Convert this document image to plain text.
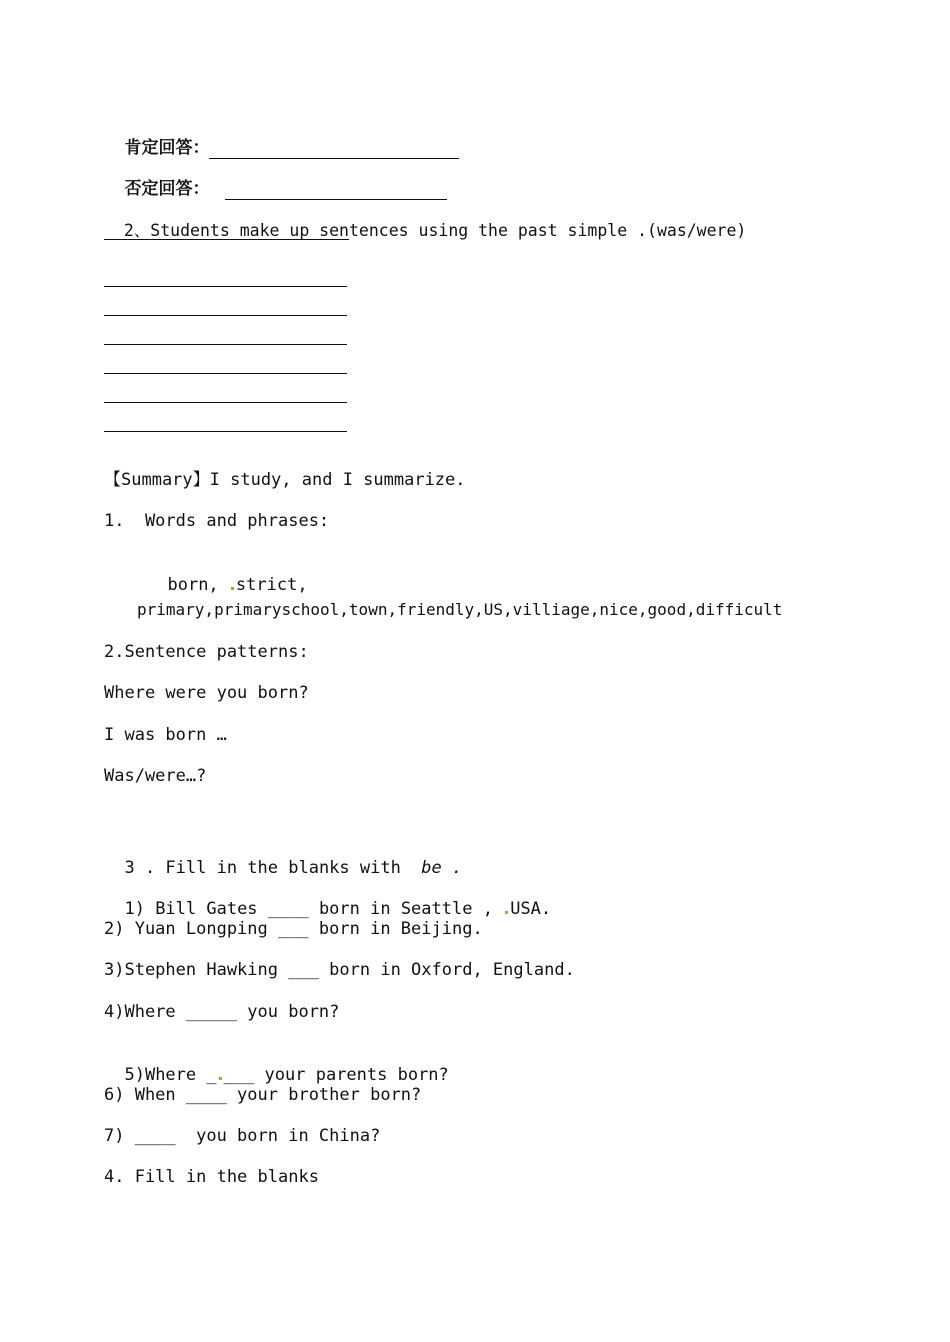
肯定回答：

否定回答：

2、Students make up sentences using the past simple .(was/were)

【Summary】I study, and I summarize.
1.  Words and phrases:

born, strict,

primary,primaryschool,town,friendly,US,villiage,nice,good,difficult
2.Sentence patterns:
Where were you born?
I was born …
Was/were…?

3 . Fill in the blanks with  be .

1) Bill Gates ____ born in Seattle , USA.

2) Yuan Longping ___ born in Beijing.
3)Stephen Hawking ___ born in Oxford, England.
4)Where _____ you born?

5)Where _ ___ your parents born?

6) When ____ your brother born?
7) ____  you born in China?
4. Fill in the blanks
